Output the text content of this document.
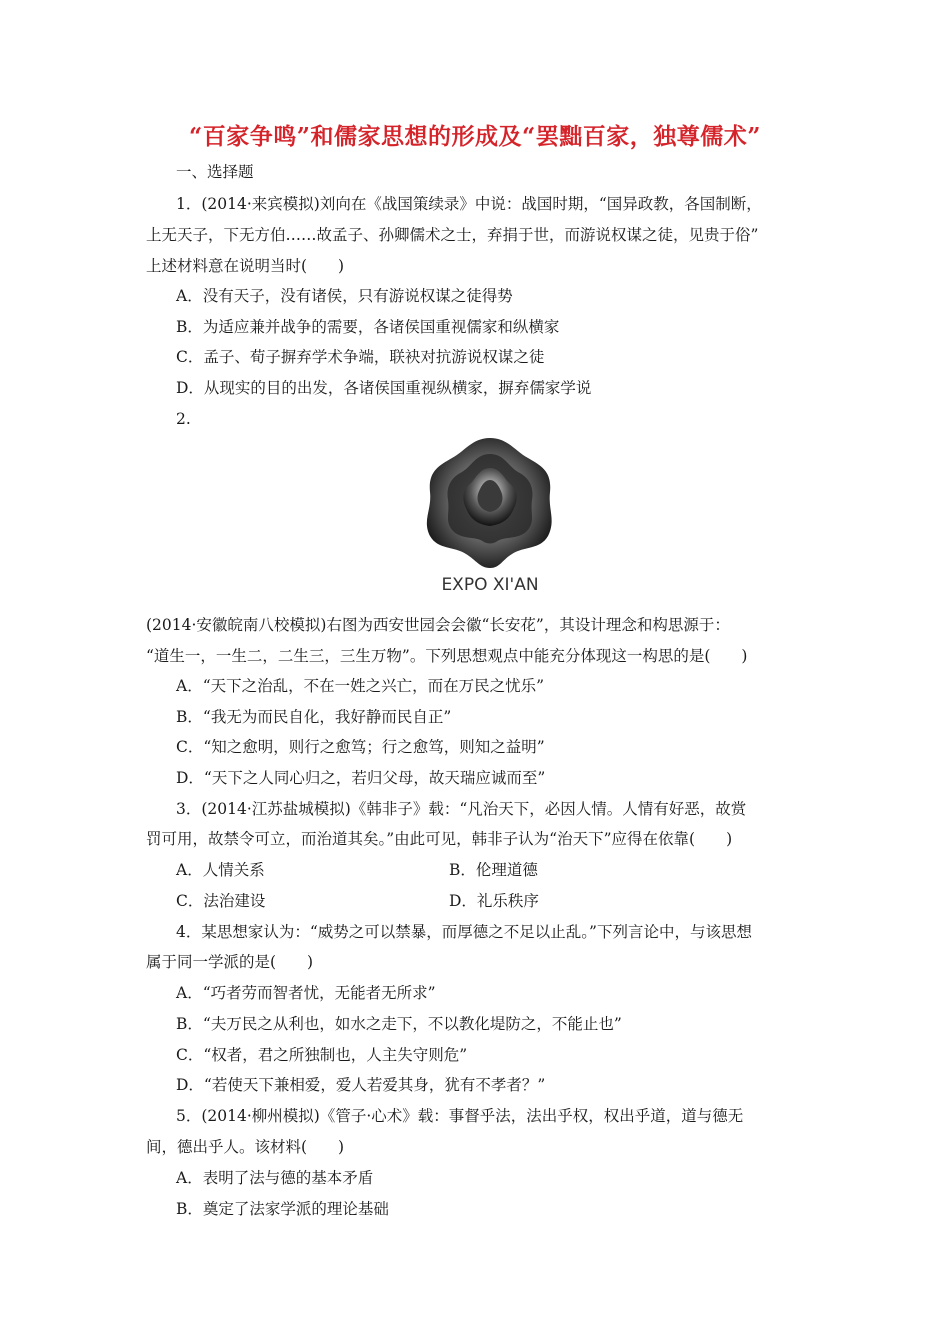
“百家争鸣”和儒家思想的形成及“罢黜百家，独尊儒术”
一、选择题
1．(2014·来宾模拟)刘向在《战国策续录》中说：战国时期，“国异政教，各国制断，
上无天子，下无方伯……故孟子、孙卿儒术之士，弃捐于世，而游说权谋之徒，见贵于俗”
上述材料意在说明当时(　　)
A．没有天子，没有诸侯，只有游说权谋之徒得势
B．为适应兼并战争的需要，各诸侯国重视儒家和纵横家
C．孟子、荀子摒弃学术争端，联袂对抗游说权谋之徒
D．从现实的目的出发，各诸侯国重视纵横家，摒弃儒家学说
2.
EXPO XI'AN
(2014·安徽皖南八校模拟)右图为西安世园会会徽“长安花”，其设计理念和构思源于：
“道生一，一生二，二生三，三生万物”。下列思想观点中能充分体现这一构思的是(　　)
A．“天下之治乱，不在一姓之兴亡，而在万民之忧乐”
B．“我无为而民自化，我好静而民自正”
C．“知之愈明，则行之愈笃；行之愈笃，则知之益明”
D．“天下之人同心归之，若归父母，故天瑞应诚而至”
3．(2014·江苏盐城模拟)《韩非子》载：“凡治天下，必因人情。人情有好恶，故赏
罚可用，故禁令可立，而治道其矣。”由此可见，韩非子认为“治天下”应得在依靠(　　)
A．人情关系	B．伦理道德
C．法治建设	D．礼乐秩序
4．某思想家认为：“威势之可以禁暴，而厚德之不足以止乱。”下列言论中，与该思想
属于同一学派的是(　　)
A．“巧者劳而智者忧，无能者无所求”
B．“夫万民之从利也，如水之走下，不以教化堤防之，不能止也”
C．“权者，君之所独制也，人主失守则危”
D．“若使天下兼相爱，爱人若爱其身，犹有不孝者？”
5．(2014·柳州模拟)《管子·心术》载：事督乎法，法出乎权，权出乎道，道与德无
间，德出乎人。该材料(　　)
A．表明了法与德的基本矛盾
B．奠定了法家学派的理论基础
